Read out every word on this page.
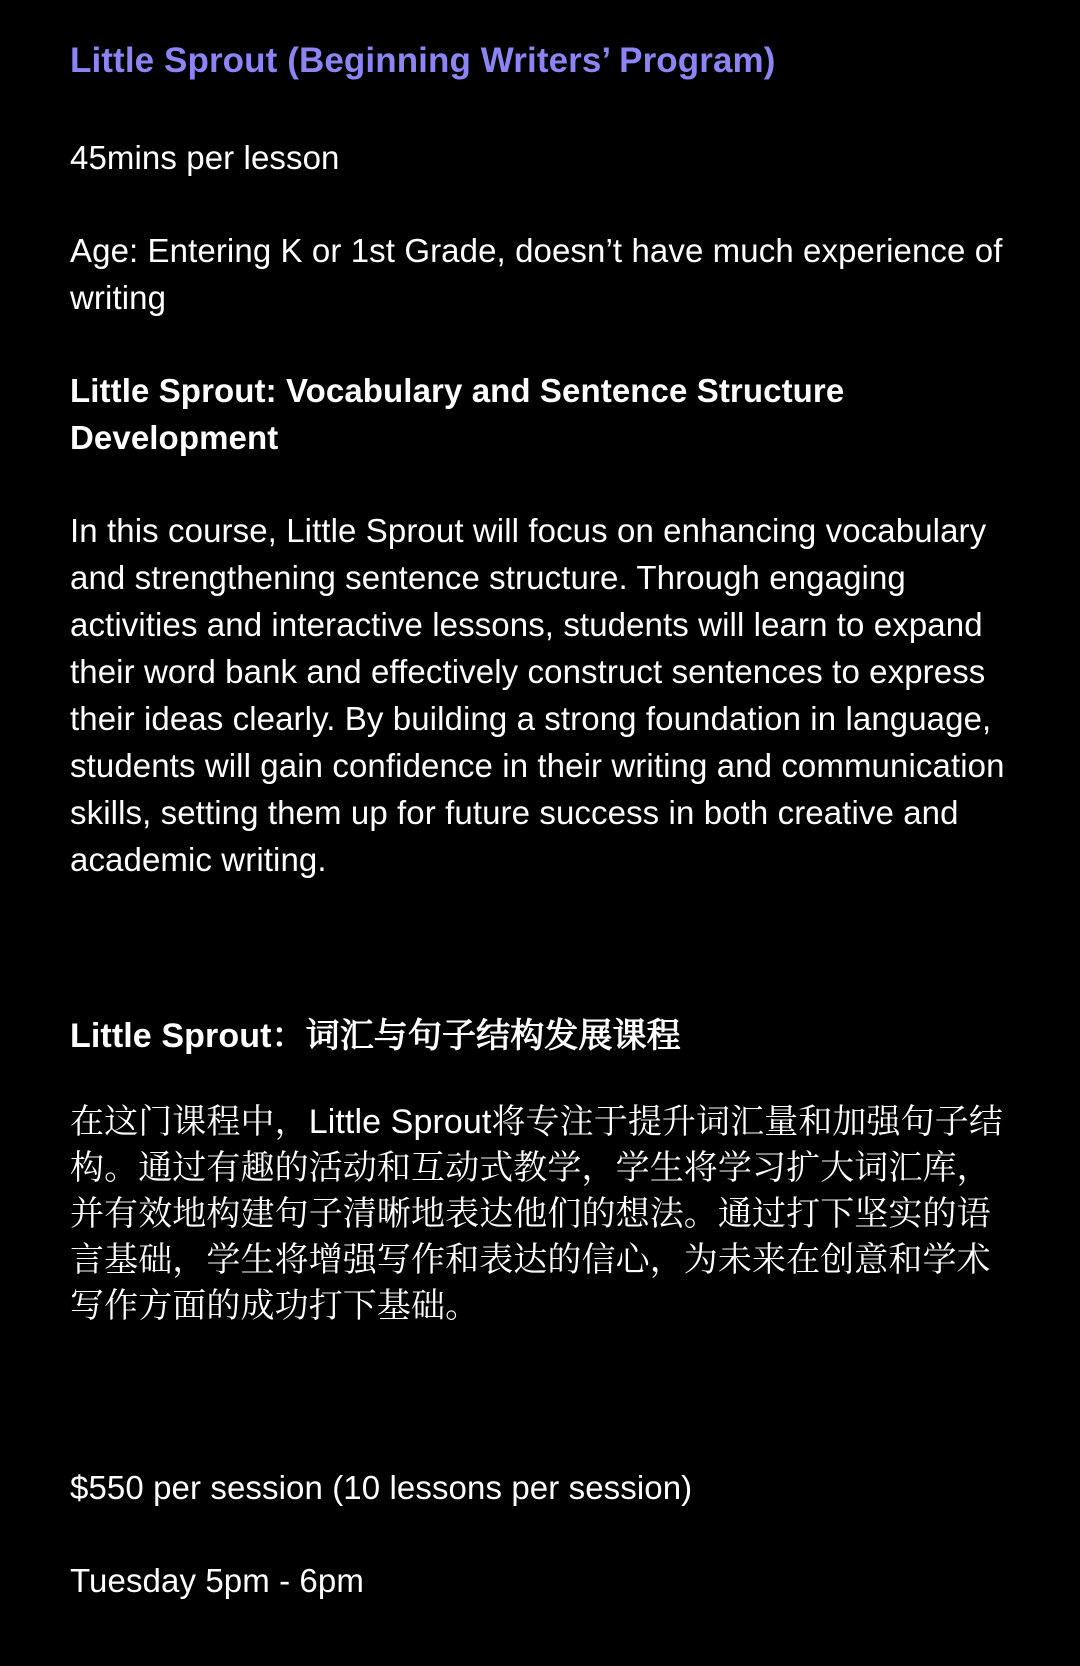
Little Sprout (Beginning Writers’ Program)

45mins per lesson

Age: Entering K or 1st Grade, doesn’t have much experience of writing

Little Sprout: Vocabulary and Sentence Structure Development

In this course, Little Sprout will focus on enhancing vocabulary and strengthening sentence structure. Through engaging activities and interactive lessons, students will learn to expand their word bank and effectively construct sentences to express their ideas clearly. By building a strong foundation in language, students will gain confidence in their writing and communication skills, setting them up for future success in both creative and academic writing.

Little Sprout：词汇与句子结构发展课程

在这门课程中，Little Sprout将专注于提升词汇量和加强句子结构。通过有趣的活动和互动式教学，学生将学习扩大词汇库，并有效地构建句子清晰地表达他们的想法。通过打下坚实的语言基础，学生将增强写作和表达的信心，为未来在创意和学术写作方面的成功打下基础。

$550 per session (10 lessons per session)

Tuesday 5pm - 6pm
